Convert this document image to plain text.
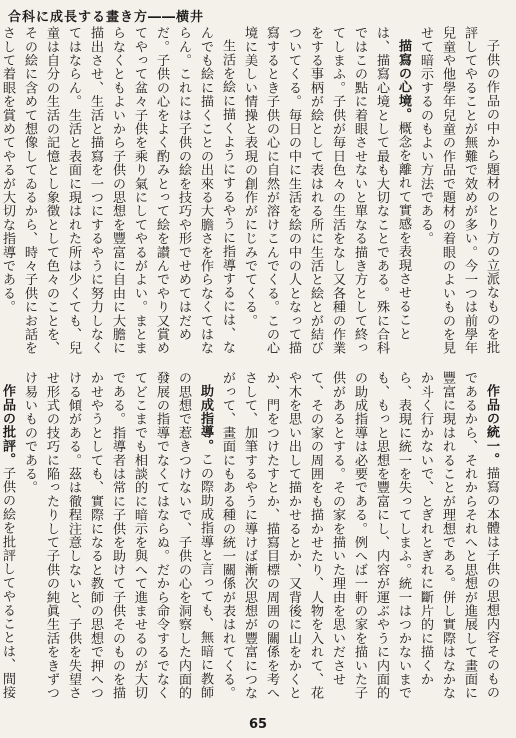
合科に成長する畫き方――横井

子供の作品の中から題材のとり方の立派なものを批評してやることが無難で效めが多い。今一つは前學年兒童や他學年兒童の作品で題材の着眼のよいものを見せて暗示するのもよい方法である。

描寫の心境。概念を離れて實感を表現させることは、描寫心境として最も大切なことである。殊に合科ではこの點に着眼させないと單なる描き方として終ってしまふ。子供が毎日色々の生活をなし又各種の作業をする事柄が絵として表はれる所に生活と絵とが結びついてくる。毎日の中に生活を絵の中の人となって描寫するとき子供の心に自然が溶けこんでくる。この心境に美しい情操と表現の創作がにじみでてくる。

生活を絵に描くようにするやうに指導するには、なんでも絵に描くことの出來る大膽さを作らなくてはならん。これには子供の絵を技巧や形でせめてはだめだ。子供の心をよく酌みとって絵を讃んでやり又賞めてやって盆々子供を乘り氣にしてやるがよい。まとまらなくともよいから子供の思想を豐富に自由に大膽に描出させ、生活と描寫を一つにするやうに努力しなくてはならん。生活と表面に現はれた所は少くても、兒童は自分の生活の記憶とし象徴として色々のことを、その絵に含めて想像してゐるから、時々子供にお話をさして着眼を賞めてやるが大切な指導である。

作品の統一。描寫の本體は子供の思想内容そのものであるから、それからそれへと思想が進展して畫面に豐富に現はれることが理想である。併し實際はなかなか斗く行かないで、とぎれとぎれに斷片的に描くから、表現に統一を失ってしまふ。統一はつかないまでも、もっと思想を豐富にし、内容が運ぶやうに内面的の助成指導は必要である。例へば一軒の家を描いた子供があるとする。その家を描いた理由を思いださせて、その家の周囲をも描かせたり、人物を入れて、花や木を思い出して描かせるとか、又背後に山をかくとか、門をつけたすとか、描寫目標の周囲の關係を考へさして、加筆するやうに導けば漸次思想が豐富につながって、畫面にもある種の統一關係が表はれてくる。

助成指導。この際助成指導と言っても、無暗に教師の思想で惹きつけないで、子供の心を洞察した内面的發展の指導でなくてはならぬ。だから命令するでなくてどこまでも相談的に暗示を與へて進ませるのが大切である。指導者は常に子供を助けて子供そのものを描かせやうとしても、實際になると教師の思想で押へつける傾がある。茲は徹程注意しないと、子供を失望させ形式の技巧に陥ったりして子供の純眞生活をきずつけ易いものである。

作品の批評。子供の絵を批評してやることは、間接

65
